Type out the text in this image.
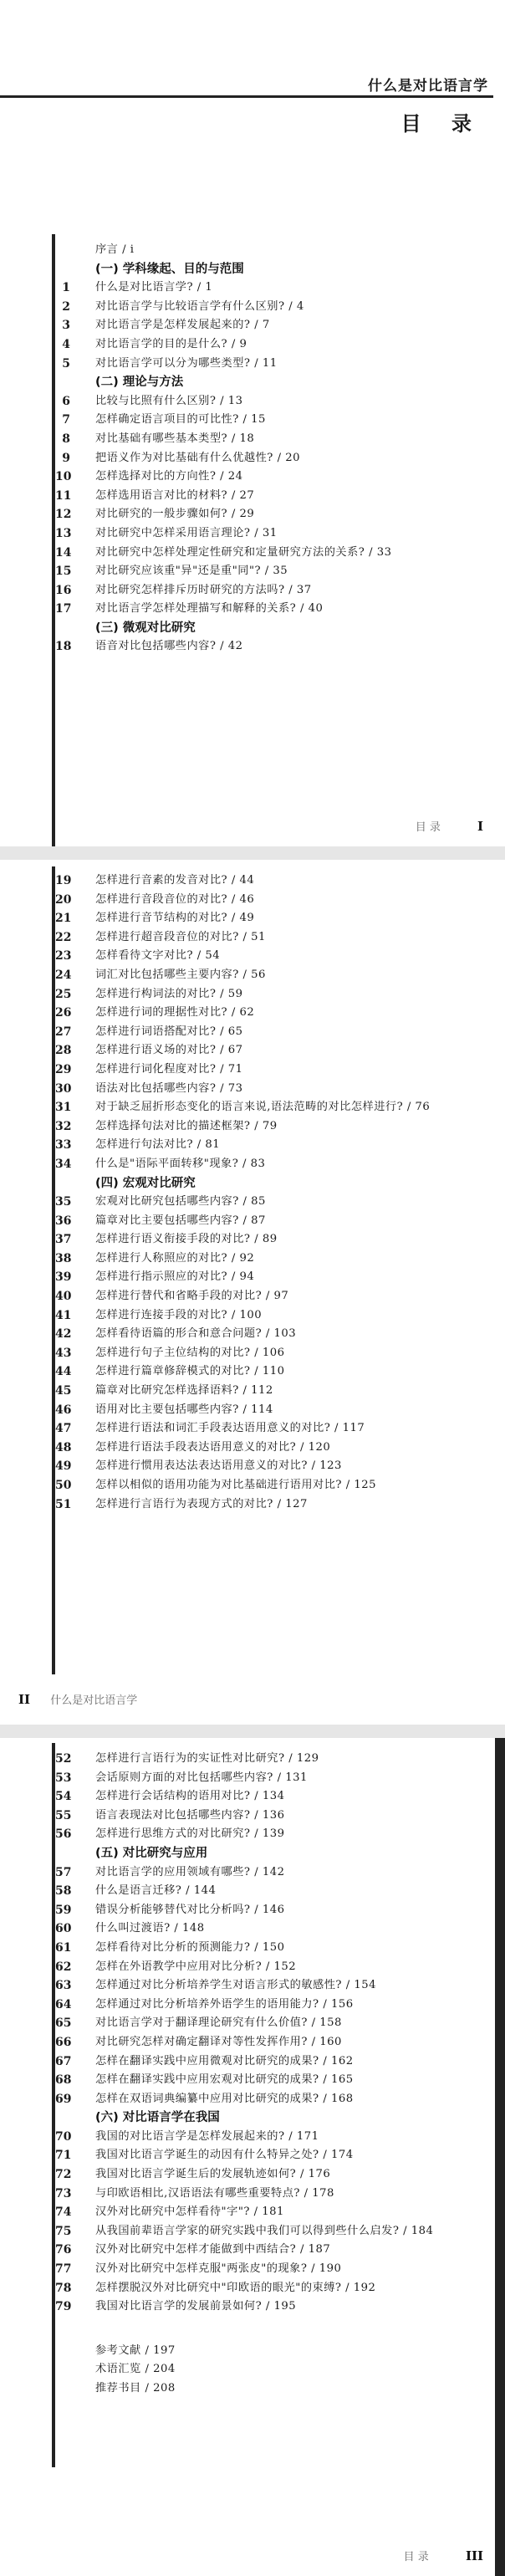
什么是对比语言学
目 录
序言 / i
(一) 学科缘起、目的与范围
1 什么是对比语言学? / 1
2 对比语言学与比较语言学有什么区别? / 4
3 对比语言学是怎样发展起来的? / 7
4 对比语言学的目的是什么? / 9
5 对比语言学可以分为哪些类型? / 11
(二) 理论与方法
6 比较与比照有什么区别? / 13
7 怎样确定语言项目的可比性? / 15
8 对比基础有哪些基本类型? / 18
9 把语义作为对比基础有什么优越性? / 20
10 怎样选择对比的方向性? / 24
11 怎样选用语言对比的材料? / 27
12 对比研究的一般步骤如何? / 29
13 对比研究中怎样采用语言理论? / 31
14 对比研究中怎样处理定性研究和定量研究方法的关系? / 33
15 对比研究应该重"异"还是重"同"? / 35
16 对比研究怎样排斥历时研究的方法吗? / 37
17 对比语言学怎样处理描写和解释的关系? / 40
(三) 微观对比研究
18 语音对比包括哪些内容? / 42
目 录	I
19 怎样进行音素的发音对比? / 44
20 怎样进行音段音位的对比? / 46
21 怎样进行音节结构的对比? / 49
22 怎样进行超音段音位的对比? / 51
23 怎样看待文字对比? / 54
24 词汇对比包括哪些主要内容? / 56
25 怎样进行构词法的对比? / 59
26 怎样进行词的理据性对比? / 62
27 怎样进行词语搭配对比? / 65
28 怎样进行语义场的对比? / 67
29 怎样进行词化程度对比? / 71
30 语法对比包括哪些内容? / 73
31 对于缺乏屈折形态变化的语言来说,语法范畴的对比怎样进行? / 76
32 怎样选择句法对比的描述框架? / 79
33 怎样进行句法对比? / 81
34 什么是"语际平面转移"现象? / 83
(四) 宏观对比研究
35 宏观对比研究包括哪些内容? / 85
36 篇章对比主要包括哪些内容? / 87
37 怎样进行语义衔接手段的对比? / 89
38 怎样进行人称照应的对比? / 92
39 怎样进行指示照应的对比? / 94
40 怎样进行替代和省略手段的对比? / 97
41 怎样进行连接手段的对比? / 100
42 怎样看待语篇的形合和意合问题? / 103
43 怎样进行句子主位结构的对比? / 106
44 怎样进行篇章修辞模式的对比? / 110
45 篇章对比研究怎样选择语料? / 112
46 语用对比主要包括哪些内容? / 114
47 怎样进行语法和词汇手段表达语用意义的对比? / 117
48 怎样进行语法手段表达语用意义的对比? / 120
49 怎样进行惯用表达法表达语用意义的对比? / 123
50 怎样以相似的语用功能为对比基础进行语用对比? / 125
51 怎样进行言语行为表现方式的对比? / 127
II 什么是对比语言学
52 怎样进行言语行为的实证性对比研究? / 129
53 会话原则方面的对比包括哪些内容? / 131
54 怎样进行会话结构的语用对比? / 134
55 语言表现法对比包括哪些内容? / 136
56 怎样进行思维方式的对比研究? / 139
(五) 对比研究与应用
57 对比语言学的应用领域有哪些? / 142
58 什么是语言迁移? / 144
59 错误分析能够替代对比分析吗? / 146
60 什么叫过渡语? / 148
61 怎样看待对比分析的预测能力? / 150
62 怎样在外语教学中应用对比分析? / 152
63 怎样通过对比分析培养学生对语言形式的敏感性? / 154
64 怎样通过对比分析培养外语学生的语用能力? / 156
65 对比语言学对于翻译理论研究有什么价值? / 158
66 对比研究怎样对确定翻译对等性发挥作用? / 160
67 怎样在翻译实践中应用微观对比研究的成果? / 162
68 怎样在翻译实践中应用宏观对比研究的成果? / 165
69 怎样在双语词典编纂中应用对比研究的成果? / 168
(六) 对比语言学在我国
70 我国的对比语言学是怎样发展起来的? / 171
71 我国对比语言学诞生的动因有什么特异之处? / 174
72 我国对比语言学诞生后的发展轨迹如何? / 176
73 与印欧语相比,汉语语法有哪些重要特点? / 178
74 汉外对比研究中怎样看待"字"? / 181
75 从我国前辈语言学家的研究实践中我们可以得到些什么启发? / 184
76 汉外对比研究中怎样才能做到中西结合? / 187
77 汉外对比研究中怎样克服"两张皮"的现象? / 190
78 怎样摆脱汉外对比研究中"印欧语的眼光"的束缚? / 192
79 我国对比语言学的发展前景如何? / 195
参考文献 / 197
术语汇览 / 204
推荐书目 / 208
目 录	III
